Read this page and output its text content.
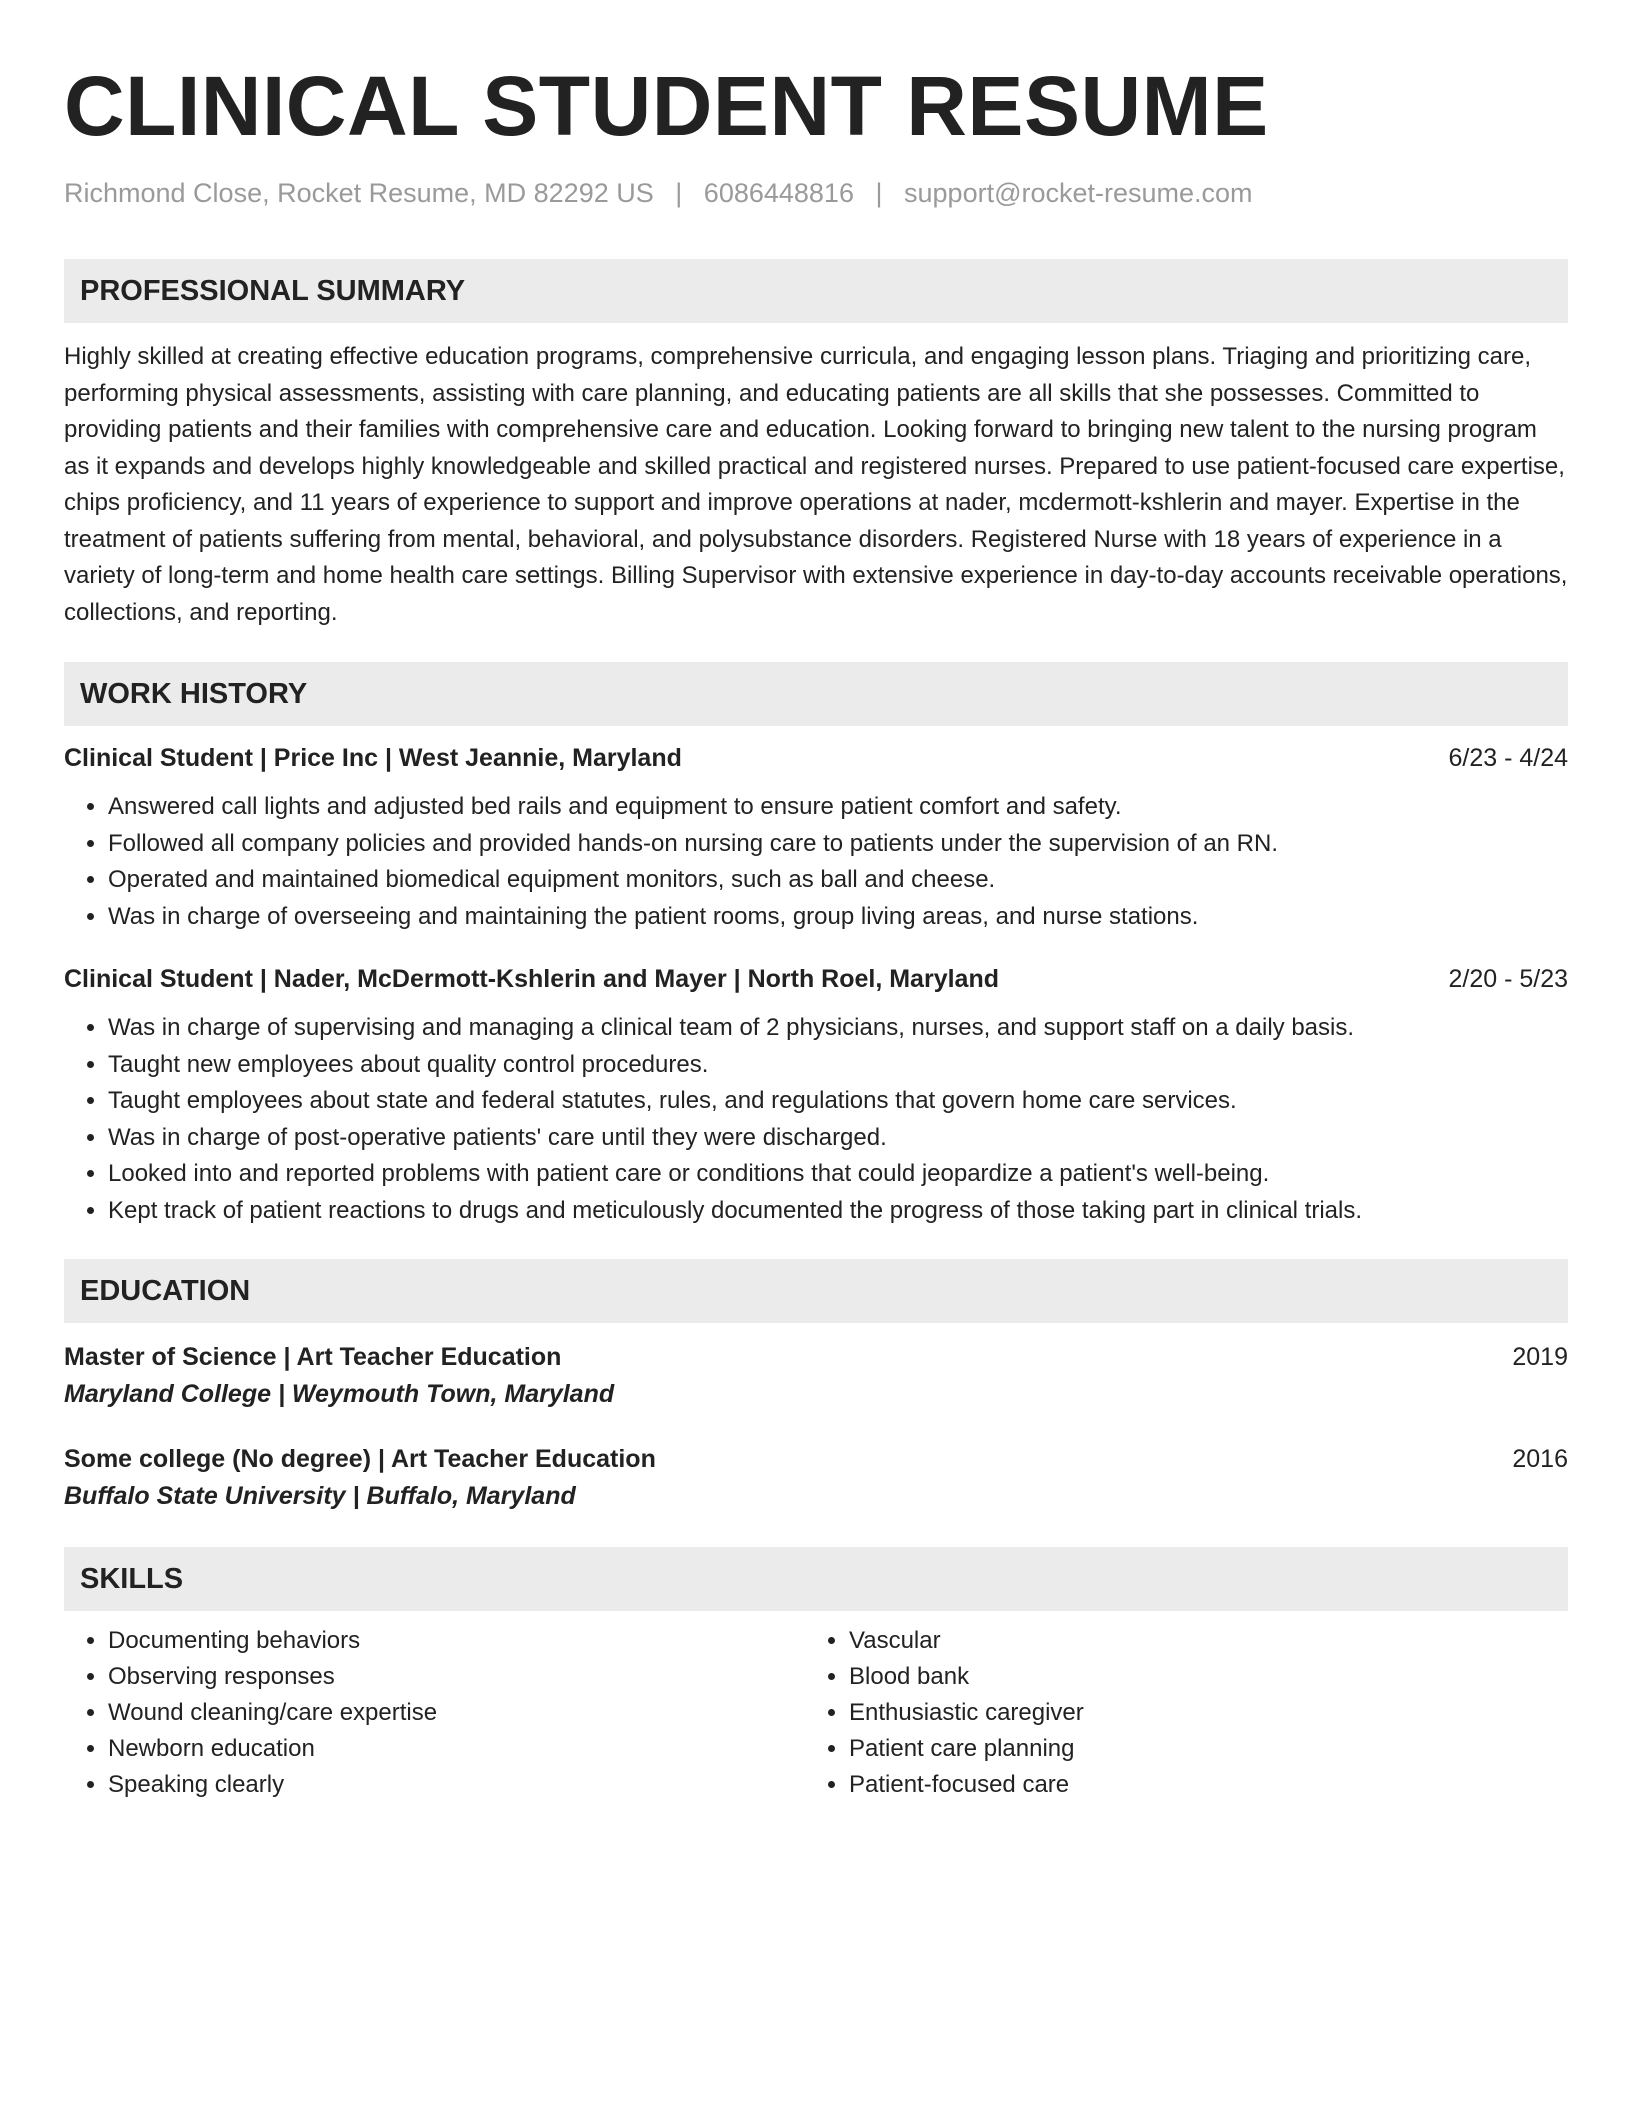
CLINICAL STUDENT RESUME
Richmond Close, Rocket Resume, MD 82292 US | 6086448816 | support@rocket-resume.com
PROFESSIONAL SUMMARY
Highly skilled at creating effective education programs, comprehensive curricula, and engaging lesson plans. Triaging and prioritizing care, performing physical assessments, assisting with care planning, and educating patients are all skills that she possesses. Committed to providing patients and their families with comprehensive care and education. Looking forward to bringing new talent to the nursing program as it expands and develops highly knowledgeable and skilled practical and registered nurses. Prepared to use patient-focused care expertise, chips proficiency, and 11 years of experience to support and improve operations at nader, mcdermott-kshlerin and mayer. Expertise in the treatment of patients suffering from mental, behavioral, and polysubstance disorders. Registered Nurse with 18 years of experience in a variety of long-term and home health care settings. Billing Supervisor with extensive experience in day-to-day accounts receivable operations, collections, and reporting.
WORK HISTORY
Clinical Student | Price Inc | West Jeannie, Maryland	6/23 - 4/24
• Answered call lights and adjusted bed rails and equipment to ensure patient comfort and safety.
• Followed all company policies and provided hands-on nursing care to patients under the supervision of an RN.
• Operated and maintained biomedical equipment monitors, such as ball and cheese.
• Was in charge of overseeing and maintaining the patient rooms, group living areas, and nurse stations.
Clinical Student | Nader, McDermott-Kshlerin and Mayer | North Roel, Maryland	2/20 - 5/23
• Was in charge of supervising and managing a clinical team of 2 physicians, nurses, and support staff on a daily basis.
• Taught new employees about quality control procedures.
• Taught employees about state and federal statutes, rules, and regulations that govern home care services.
• Was in charge of post-operative patients' care until they were discharged.
• Looked into and reported problems with patient care or conditions that could jeopardize a patient's well-being.
• Kept track of patient reactions to drugs and meticulously documented the progress of those taking part in clinical trials.
EDUCATION
Master of Science | Art Teacher Education	2019
Maryland College | Weymouth Town, Maryland
Some college (No degree) | Art Teacher Education	2016
Buffalo State University | Buffalo, Maryland
SKILLS
• Documenting behaviors
• Observing responses
• Wound cleaning/care expertise
• Newborn education
• Speaking clearly
• Vascular
• Blood bank
• Enthusiastic caregiver
• Patient care planning
• Patient-focused care
